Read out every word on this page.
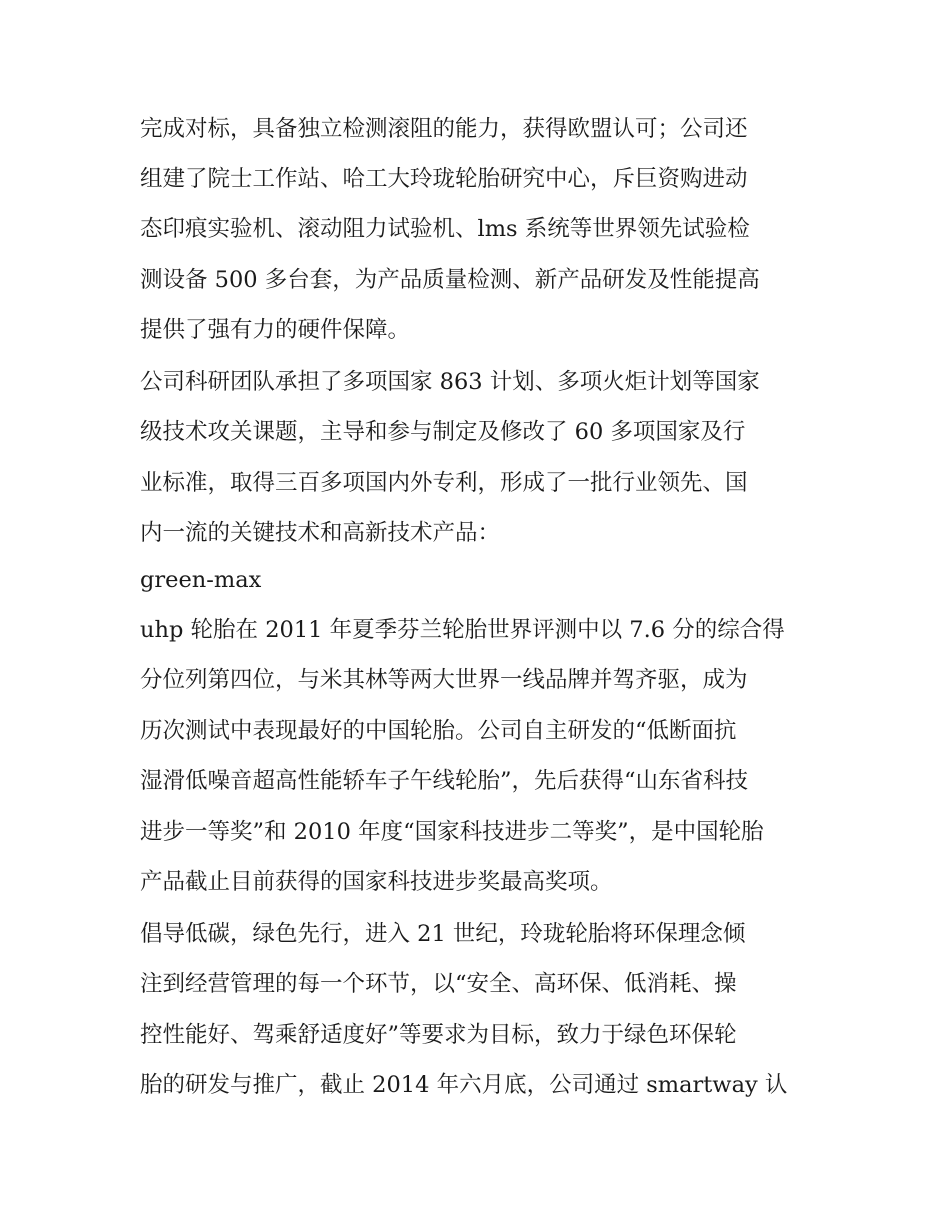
完成对标，具备独立检测滚阻的能力，获得欧盟认可；公司还

组建了院士工作站、哈工大玲珑轮胎研究中心，斥巨资购进动

态印痕实验机、滚动阻力试验机、lms 系统等世界领先试验检

测设备 500 多台套，为产品质量检测、新产品研发及性能提高

提供了强有力的硬件保障。

公司科研团队承担了多项国家 863 计划、多项火炬计划等国家

级技术攻关课题，主导和参与制定及修改了 60 多项国家及行

业标准，取得三百多项国内外专利，形成了一批行业领先、国

内一流的关键技术和高新技术产品：

green-max

uhp 轮胎在 2011 年夏季芬兰轮胎世界评测中以 7.6 分的综合得

分位列第四位，与米其林等两大世界一线品牌并驾齐驱，成为

历次测试中表现最好的中国轮胎。公司自主研发的“低断面抗

湿滑低噪音超高性能轿车子午线轮胎”，先后获得“山东省科技

进步一等奖”和 2010 年度“国家科技进步二等奖”，是中国轮胎

产品截止目前获得的国家科技进步奖最高奖项。

倡导低碳，绿色先行，进入 21 世纪，玲珑轮胎将环保理念倾

注到经营管理的每一个环节，以“安全、高环保、低消耗、操

控性能好、驾乘舒适度好”等要求为目标，致力于绿色环保轮

胎的研发与推广，截止 2014 年六月底，公司通过 smartway 认
